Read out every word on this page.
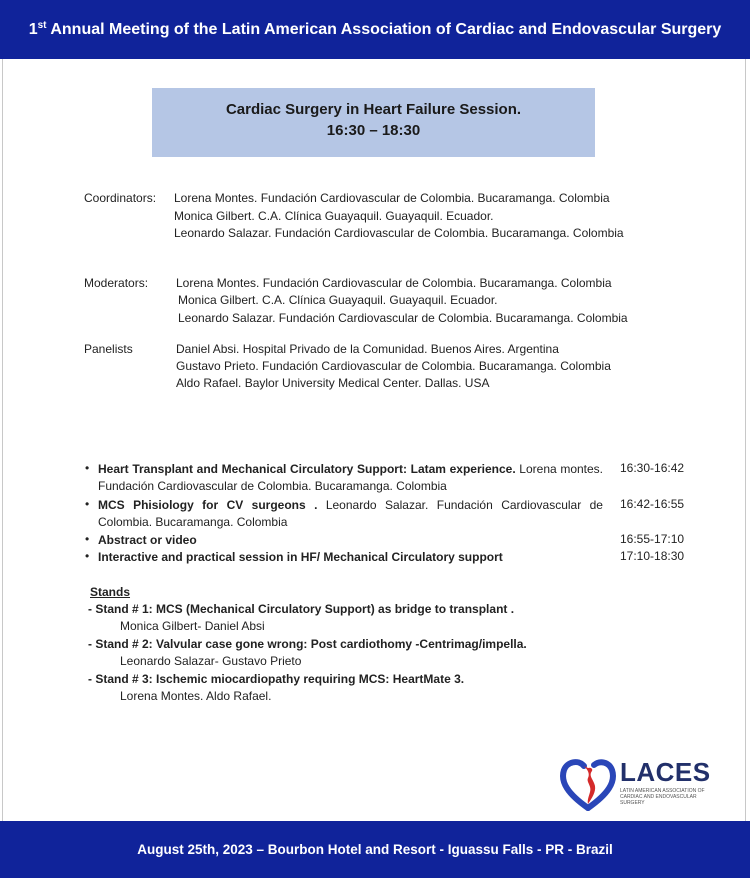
1st Annual Meeting of the Latin American Association of Cardiac and Endovascular Surgery
Cardiac Surgery in Heart Failure Session.
16:30 – 18:30
Coordinators: Lorena Montes. Fundación Cardiovascular de Colombia. Bucaramanga. Colombia
Monica Gilbert. C.A. Clínica Guayaquil. Guayaquil. Ecuador.
Leonardo Salazar. Fundación Cardiovascular de Colombia. Bucaramanga. Colombia
Moderators: Lorena Montes. Fundación Cardiovascular de Colombia. Bucaramanga. Colombia
Monica Gilbert. C.A. Clínica Guayaquil. Guayaquil. Ecuador.
Leonardo Salazar. Fundación Cardiovascular de Colombia. Bucaramanga. Colombia
Panelists	Daniel Absi. Hospital Privado de la Comunidad. Buenos Aires. Argentina
Gustavo Prieto. Fundación Cardiovascular de Colombia. Bucaramanga. Colombia
Aldo Rafael. Baylor University Medical Center. Dallas. USA
• Heart Transplant and Mechanical Circulatory Support: Latam experience. Lorena montes. Fundación Cardiovascular de Colombia. Bucaramanga. Colombia
16:30-16:42
• MCS Phisiology for CV surgeons . Leonardo Salazar. Fundación Cardiovascular de Colombia. Bucaramanga. Colombia
16:42-16:55
• Abstract or video	16:55-17:10
• Interactive and practical session in HF/ Mechanical Circulatory support	17:10-18:30
Stands
- Stand # 1: MCS (Mechanical Circulatory Support) as bridge to transplant .
Monica Gilbert- Daniel Absi
- Stand # 2: Valvular case gone wrong: Post cardiothomy -Centrimag/impella.
Leonardo Salazar- Gustavo Prieto
- Stand # 3: Ischemic miocardiopathy requiring MCS: HeartMate 3.
Lorena Montes. Aldo Rafael.
LACES
LATIN AMERICAN ASSOCIATION OF CARDIAC AND ENDOVASCULAR SURGERY
August 25th, 2023 – Bourbon Hotel and Resort - Iguassu Falls - PR - Brazil
